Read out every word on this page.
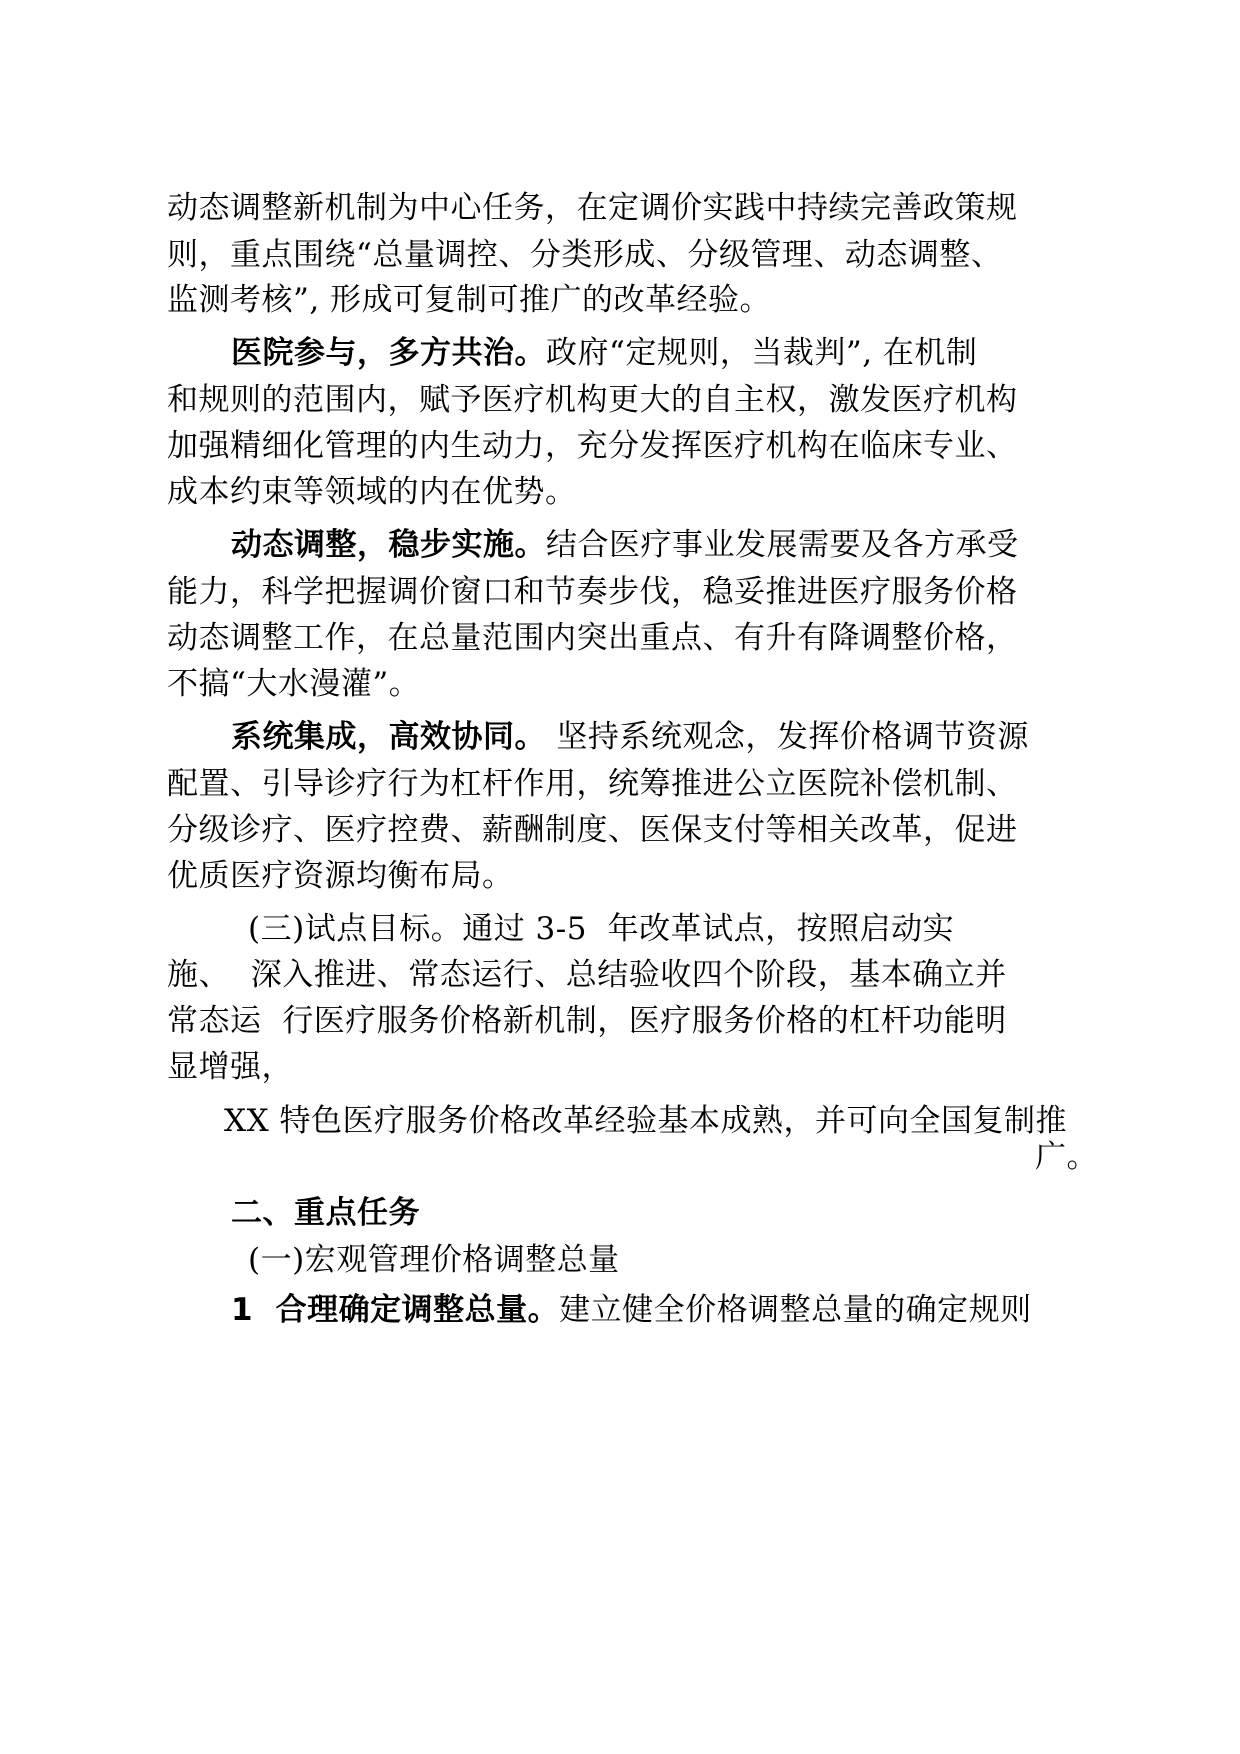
动态调整新机制为中心任务，在定调价实践中持续完善政策规
则，重点围绕“总量调控、分类形成、分级管理、动态调整、
监测考核”, 形成可复制可推广的改革经验。
医院参与，多方共治。政府“定规则，当裁判”, 在机制
和规则的范围内，赋予医疗机构更大的自主权，激发医疗机构
加强精细化管理的内生动力，充分发挥医疗机构在临床专业、
成本约束等领域的内在优势。
动态调整，稳步实施。结合医疗事业发展需要及各方承受
能力，科学把握调价窗口和节奏步伐，稳妥推进医疗服务价格
动态调整工作，在总量范围内突出重点、有升有降调整价格，
不搞“大水漫灌”。
系统集成，高效协同。 坚持系统观念，发挥价格调节资源
配置、引导诊疗行为杠杆作用，统筹推进公立医院补偿机制、
分级诊疗、医疗控费、薪酬制度、医保支付等相关改革，促进
优质医疗资源均衡布局。
(三)试点目标。通过 3-5  年改革试点，按照启动实
施、  深入推进、常态运行、总结验收四个阶段，基本确立并
常态运  行医疗服务价格新机制，医疗服务价格的杠杆功能明
显增强，
XX 特色医疗服务价格改革经验基本成熟，并可向全国复制推
广。
二、重点任务
(一)宏观管理价格调整总量
1  合理确定调整总量。建立健全价格调整总量的确定规则
